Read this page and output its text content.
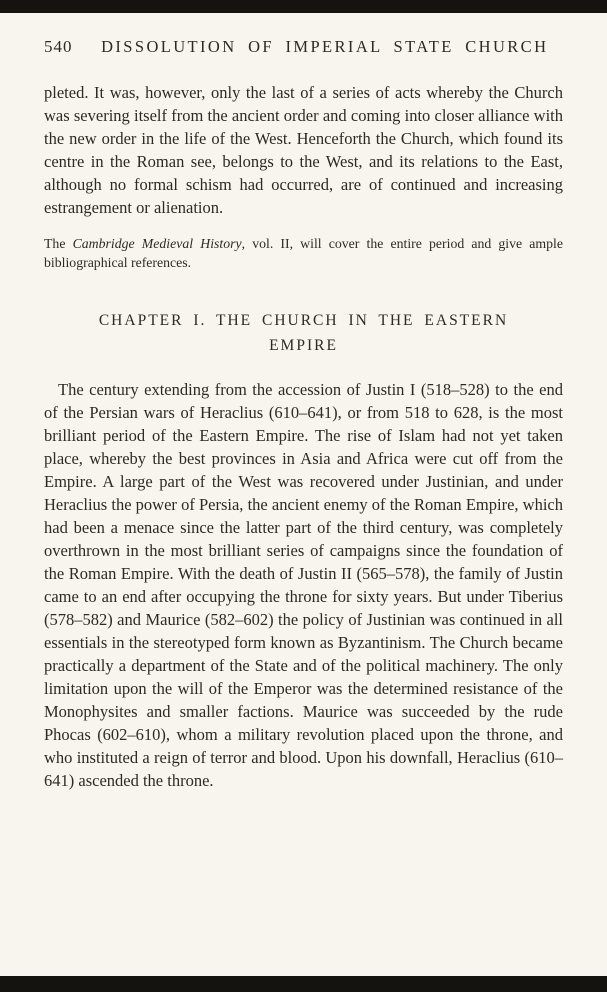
540	DISSOLUTION OF IMPERIAL STATE CHURCH

pleted. It was, however, only the last of a series of acts whereby the Church was severing itself from the ancient order and coming into closer alliance with the new order in the life of the West. Henceforth the Church, which found its centre in the Roman see, belongs to the West, and its relations to the East, although no formal schism had occurred, are of continued and increasing estrangement or alienation.

The Cambridge Medieval History, vol. II, will cover the entire period and give ample bibliographical references.

CHAPTER I. THE CHURCH IN THE EASTERN
EMPIRE

The century extending from the accession of Justin I (518–528) to the end of the Persian wars of Heraclius (610–641), or from 518 to 628, is the most brilliant period of the Eastern Empire. The rise of Islam had not yet taken place, whereby the best provinces in Asia and Africa were cut off from the Empire. A large part of the West was recovered under Justinian, and under Heraclius the power of Persia, the ancient enemy of the Roman Empire, which had been a menace since the latter part of the third century, was completely overthrown in the most brilliant series of campaigns since the foundation of the Roman Empire. With the death of Justin II (565–578), the family of Justin came to an end after occupying the throne for sixty years. But under Tiberius (578–582) and Maurice (582–602) the policy of Justinian was continued in all essentials in the stereotyped form known as Byzantinism. The Church became practically a department of the State and of the political machinery. The only limitation upon the will of the Emperor was the determined resistance of the Monophysites and smaller factions. Maurice was succeeded by the rude Phocas (602–610), whom a military revolution placed upon the throne, and who instituted a reign of terror and blood. Upon his downfall, Heraclius (610–641) ascended the throne.
